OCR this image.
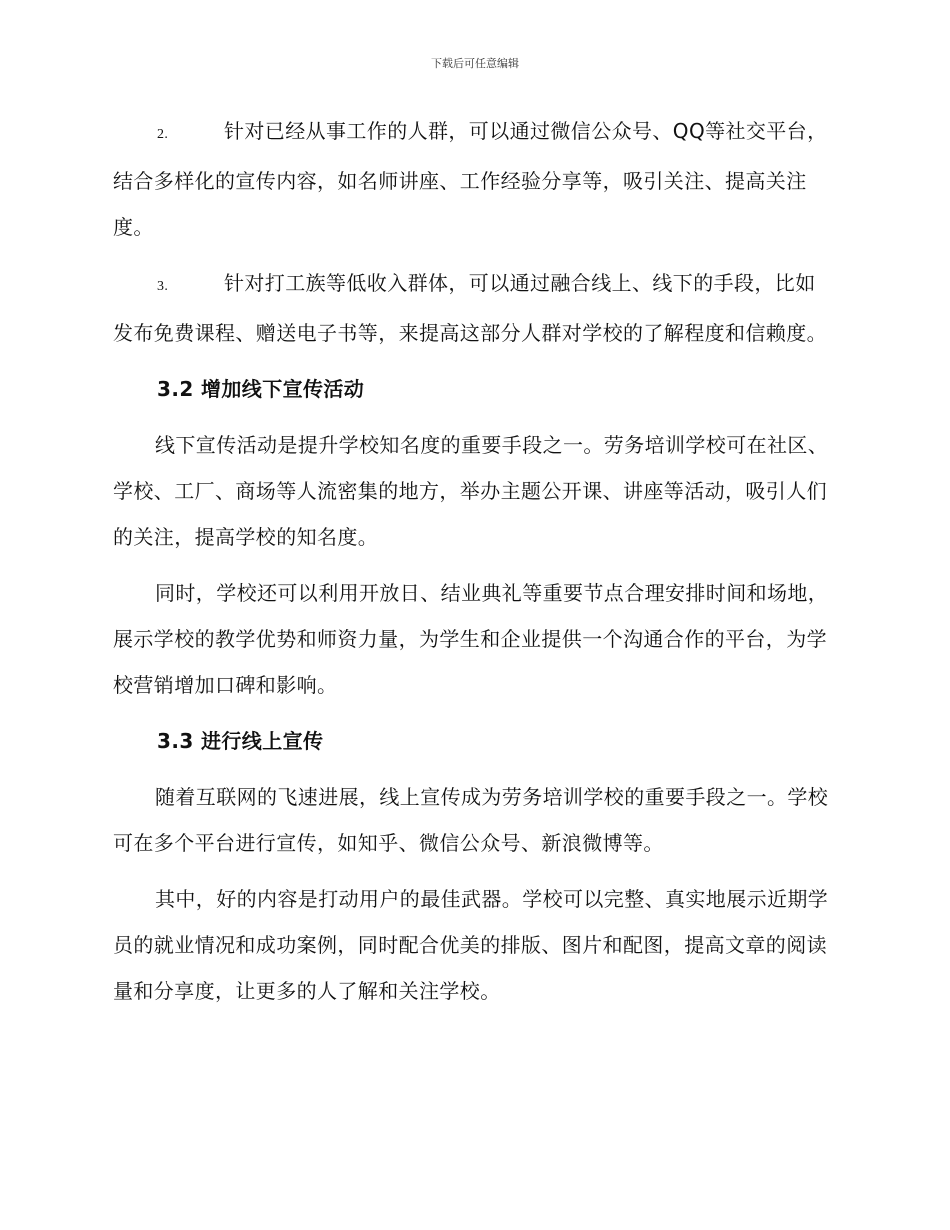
下载后可任意编辑

2.	针对已经从事工作的人群，可以通过微信公众号、QQ等社交平台，结合多样化的宣传内容，如名师讲座、工作经验分享等，吸引关注、提高关注度。

3.	针对打工族等低收入群体，可以通过融合线上、线下的手段，比如发布免费课程、赠送电子书等，来提高这部分人群对学校的了解程度和信赖度。

3.2 增加线下宣传活动

线下宣传活动是提升学校知名度的重要手段之一。劳务培训学校可在社区、学校、工厂、商场等人流密集的地方，举办主题公开课、讲座等活动，吸引人们的关注，提高学校的知名度。

同时，学校还可以利用开放日、结业典礼等重要节点合理安排时间和场地，展示学校的教学优势和师资力量，为学生和企业提供一个沟通合作的平台，为学校营销增加口碑和影响。

3.3 进行线上宣传

随着互联网的飞速进展，线上宣传成为劳务培训学校的重要手段之一。学校可在多个平台进行宣传，如知乎、微信公众号、新浪微博等。

其中，好的内容是打动用户的最佳武器。学校可以完整、真实地展示近期学员的就业情况和成功案例，同时配合优美的排版、图片和配图，提高文章的阅读量和分享度，让更多的人了解和关注学校。
